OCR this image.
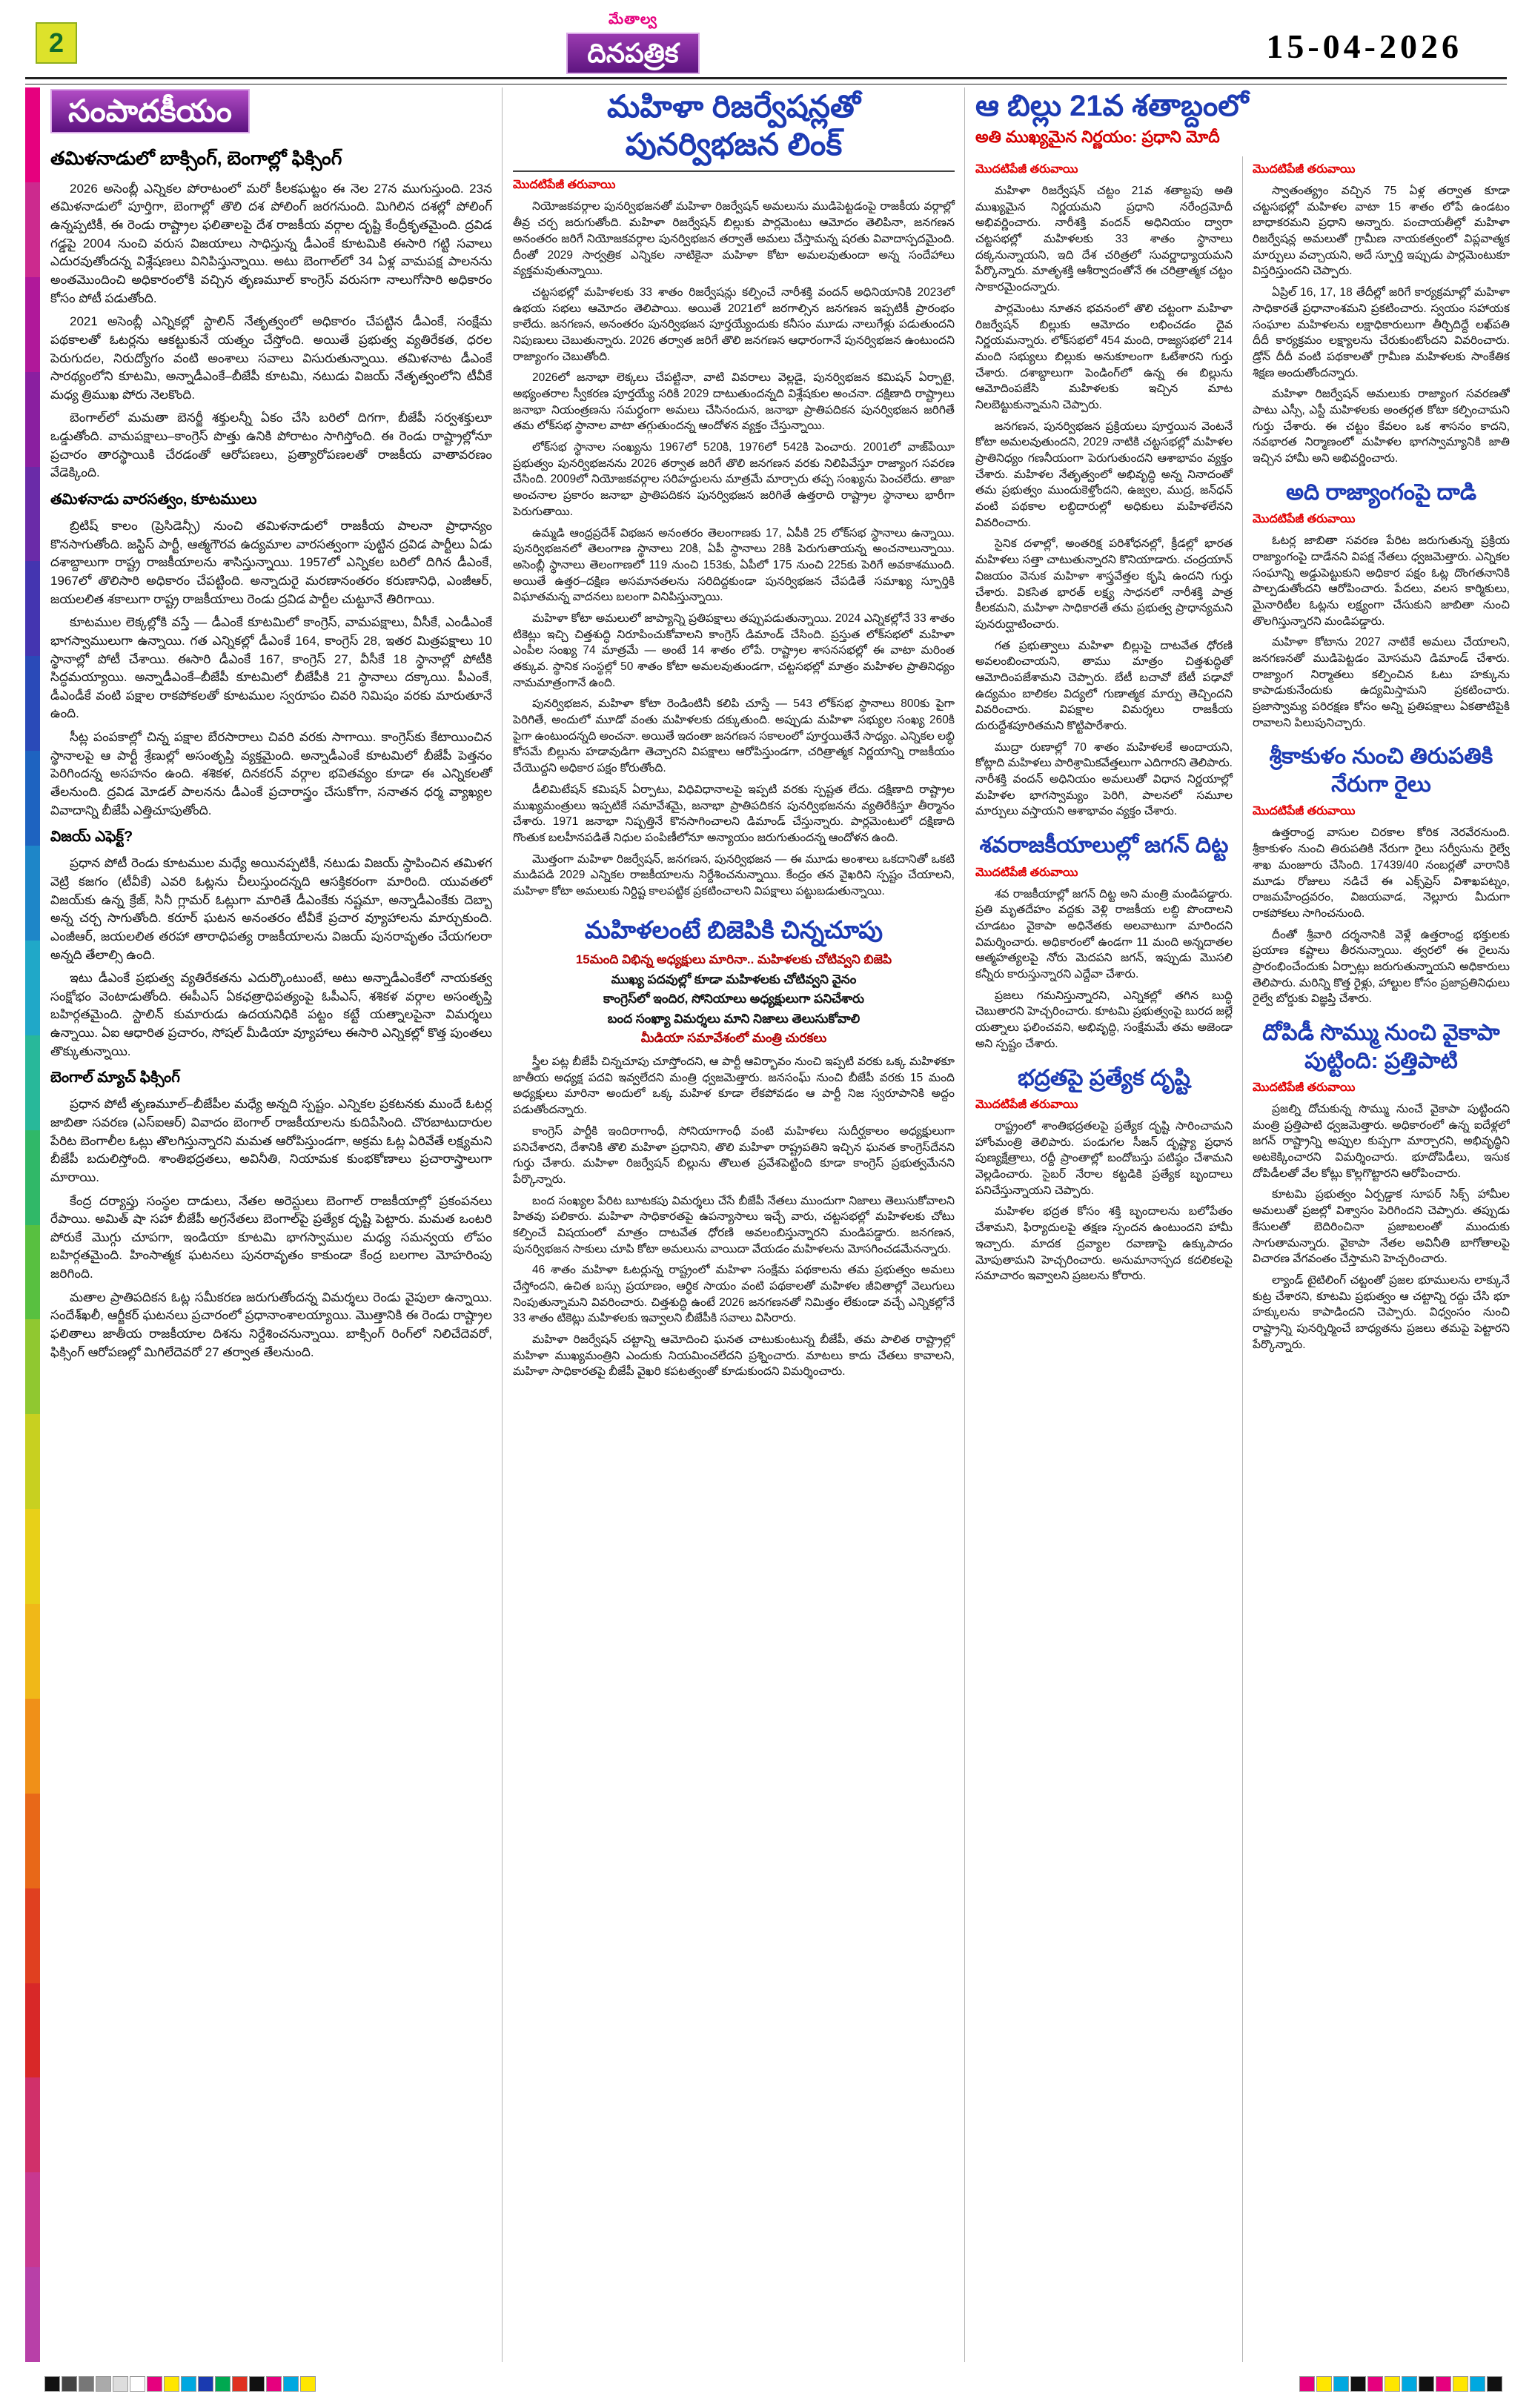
2
మేతాల్వ
దినపత్రిక	15-04-2026
సంపాదకీయం
తమిళనాడులో బాక్సింగ్, బెంగాల్లో ఫిక్సింగ్

2026 అసెంబ్లీ ఎన్నికల పోరాటంలో మరో కీలకఘట్టం ఈ నెల 27న ముగుస్తుంది. 23న తమిళనాడులో పూర్తిగా, బెంగాల్లో తొలి దశ పోలింగ్ జరగనుంది. మిగిలిన దశల్లో పోలింగ్ ఉన్నప్పటికీ, ఈ రెండు రాష్ట్రాల ఫలితాలపై దేశ రాజకీయ వర్గాల దృష్టి కేంద్రీకృతమైంది. ద్రవిడ గడ్డపై 2004 నుంచి వరుస విజయాలు సాధిస్తున్న డీఎంకే కూటమికి ఈసారి గట్టి సవాలు ఎదురవుతోందన్న విశ్లేషణలు వినిపిస్తున్నాయి. అటు బెంగాల్‌లో 34 ఏళ్ల వామపక్ష పాలనను అంతమొందించి అధికారంలోకి వచ్చిన తృణమూల్ కాంగ్రెస్ వరుసగా నాలుగోసారి అధికారం కోసం పోటీ పడుతోంది.

2021 అసెంబ్లీ ఎన్నికల్లో స్టాలిన్ నేతృత్వంలో అధికారం చేపట్టిన డీఎంకే, సంక్షేమ పథకాలతో ఓటర్లను ఆకట్టుకునే యత్నం చేస్తోంది. అయితే ప్రభుత్వ వ్యతిరేకత, ధరల పెరుగుదల, నిరుద్యోగం వంటి అంశాలు సవాలు విసురుతున్నాయి. తమిళనాట డీఎంకే సారథ్యంలోని కూటమి, అన్నాడీఎంకే–బీజేపీ కూటమి, నటుడు విజయ్ నేతృత్వంలోని టీవీకే మధ్య త్రిముఖ పోరు నెలకొంది.

బెంగాల్‌లో మమతా బెనర్జీ శక్తులన్నీ ఏకం చేసి బరిలో దిగగా, బీజేపీ సర్వశక్తులూ ఒడ్డుతోంది. వామపక్షాలు–కాంగ్రెస్ పొత్తు ఉనికి పోరాటం సాగిస్తోంది. ఈ రెండు రాష్ట్రాల్లోనూ ప్రచారం తారస్థాయికి చేరడంతో ఆరోపణలు, ప్రత్యారోపణలతో రాజకీయ వాతావరణం వేడెక్కింది.

తమిళనాడు వారసత్వం, కూటములు

బ్రిటిష్ కాలం (ప్రెసిడెన్సీ) నుంచి తమిళనాడులో రాజకీయ పాలనా ప్రాధాన్యం కొనసాగుతోంది. జస్టిస్ పార్టీ, ఆత్మగౌరవ ఉద్యమాల వారసత్వంగా పుట్టిన ద్రవిడ పార్టీలు ఏడు దశాబ్దాలుగా రాష్ట్ర రాజకీయాలను శాసిస్తున్నాయి. 1957లో ఎన్నికల బరిలో దిగిన డీఎంకే, 1967లో తొలిసారి అధికారం చేపట్టింది. అన్నాదురై మరణానంతరం కరుణానిధి, ఎంజీఆర్, జయలలిత శకాలుగా రాష్ట్ర రాజకీయాలు రెండు ద్రవిడ పార్టీల చుట్టూనే తిరిగాయి.

కూటముల లెక్కల్లోకి వస్తే — డీఎంకే కూటమిలో కాంగ్రెస్, వామపక్షాలు, వీసీకే, ఎండీఎంకే భాగస్వాములుగా ఉన్నాయి. గత ఎన్నికల్లో డీఎంకే 164, కాంగ్రెస్ 28, ఇతర మిత్రపక్షాలు 10 స్థానాల్లో పోటీ చేశాయి. ఈసారి డీఎంకే 167, కాంగ్రెస్ 27, వీసీకే 18 స్థానాల్లో పోటీకి సిద్ధమయ్యాయి. అన్నాడీఎంకే–బీజేపీ కూటమిలో బీజేపీకి 21 స్థానాలు దక్కాయి. పీఎంకే, డీఎండీకే వంటి పక్షాల రాకపోకలతో కూటముల స్వరూపం చివరి నిమిషం వరకు మారుతూనే ఉంది.

సీట్ల పంపకాల్లో చిన్న పక్షాల బేరసారాలు చివరి వరకు సాగాయి. కాంగ్రెస్‌కు కేటాయించిన స్థానాలపై ఆ పార్టీ శ్రేణుల్లో అసంతృప్తి వ్యక్తమైంది. అన్నాడీఎంకే కూటమిలో బీజేపీ పెత్తనం పెరిగిందన్న అసహనం ఉంది. శశికళ, దినకరన్ వర్గాల భవితవ్యం కూడా ఈ ఎన్నికలతో తేలనుంది. ద్రవిడ మోడల్ పాలనను డీఎంకే ప్రచారాస్త్రం చేసుకోగా, సనాతన ధర్మ వ్యాఖ్యల వివాదాన్ని బీజేపీ ఎత్తిచూపుతోంది.

విజయ్ ఎఫెక్ట్?

ప్రధాన పోటీ రెండు కూటముల మధ్యే అయినప్పటికీ, నటుడు విజయ్ స్థాపించిన తమిళగ వెట్రి కజగం (టీవీకే) ఎవరి ఓట్లను చీలుస్తుందన్నది ఆసక్తికరంగా మారింది. యువతలో విజయ్‌కు ఉన్న క్రేజ్, సినీ గ్లామర్ ఓట్లుగా మారితే డీఎంకేకు నష్టమా, అన్నాడీఎంకేకు దెబ్బా అన్న చర్చ సాగుతోంది. కరూర్ ఘటన అనంతరం టీవీకే ప్రచార వ్యూహాలను మార్చుకుంది. ఎంజీఆర్, జయలలిత తరహా తారాధిపత్య రాజకీయాలను విజయ్ పునరావృతం చేయగలరా అన్నది తేలాల్సి ఉంది.

ఇటు డీఎంకే ప్రభుత్వ వ్యతిరేకతను ఎదుర్కొంటుంటే, అటు అన్నాడీఎంకేలో నాయకత్వ సంక్షోభం వెంటాడుతోంది. ఈపీఎస్ ఏకఛత్రాధిపత్యంపై ఓపీఎస్, శశికళ వర్గాల అసంతృప్తి బహిర్గతమైంది. స్టాలిన్ కుమారుడు ఉదయనిధికి పట్టం కట్టే యత్నాలపైనా విమర్శలు ఉన్నాయి. ఏఐ ఆధారిత ప్రచారం, సోషల్ మీడియా వ్యూహాలు ఈసారి ఎన్నికల్లో కొత్త పుంతలు తొక్కుతున్నాయి.

బెంగాల్ మ్యాచ్ ఫిక్సింగ్

ప్రధాన పోటీ తృణమూల్–బీజేపీల మధ్యే అన్నది స్పష్టం. ఎన్నికల ప్రకటనకు ముందే ఓటర్ల జాబితా సవరణ (ఎస్ఐఆర్) వివాదం బెంగాల్ రాజకీయాలను కుదిపేసింది. చొరబాటుదారుల పేరిట బెంగాలీల ఓట్లు తొలగిస్తున్నారని మమత ఆరోపిస్తుండగా, అక్రమ ఓట్ల ఏరివేతే లక్ష్యమని బీజేపీ బదులిస్తోంది. శాంతిభద్రతలు, అవినీతి, నియామక కుంభకోణాలు ప్రచారాస్త్రాలుగా మారాయి.

కేంద్ర దర్యాప్తు సంస్థల దాడులు, నేతల అరెస్టులు బెంగాల్ రాజకీయాల్లో ప్రకంపనలు రేపాయి. అమిత్ షా సహా బీజేపీ అగ్రనేతలు బెంగాల్‌పై ప్రత్యేక దృష్టి పెట్టారు. మమత ఒంటరి పోరుకే మొగ్గు చూపగా, ఇండియా కూటమి భాగస్వాముల మధ్య సమన్వయ లోపం బహిర్గతమైంది. హింసాత్మక ఘటనలు పునరావృతం కాకుండా కేంద్ర బలగాల మోహరింపు జరిగింది.

మతాల ప్రాతిపదికన ఓట్ల సమీకరణ జరుగుతోందన్న విమర్శలు రెండు వైపులా ఉన్నాయి. సందేశ్‌ఖలీ, ఆర్జీకర్ ఘటనలు ప్రచారంలో ప్రధానాంశాలయ్యాయి. మొత్తానికి ఈ రెండు రాష్ట్రాల ఫలితాలు జాతీయ రాజకీయాల దిశను నిర్దేశించనున్నాయి. బాక్సింగ్ రింగ్‌లో నిలిచేదెవరో, ఫిక్సింగ్ ఆరోపణల్లో మిగిలేదెవరో 27 తర్వాత తేలనుంది.

మహిళా రిజర్వేషన్లతో
పునర్విభజన లింక్
మొదటిపేజీ తరువాయి

నియోజకవర్గాల పునర్విభజనతో మహిళా రిజర్వేషన్ అమలును ముడిపెట్టడంపై రాజకీయ వర్గాల్లో తీవ్ర చర్చ జరుగుతోంది. మహిళా రిజర్వేషన్ బిల్లుకు పార్లమెంటు ఆమోదం తెలిపినా, జనగణన అనంతరం జరిగే నియోజకవర్గాల పునర్విభజన తర్వాతే అమలు చేస్తామన్న షరతు వివాదాస్పదమైంది. దీంతో 2029 సార్వత్రిక ఎన్నికల నాటికైనా మహిళా కోటా అమలవుతుందా అన్న సందేహాలు వ్యక్తమవుతున్నాయి.

చట్టసభల్లో మహిళలకు 33 శాతం రిజర్వేషన్లు కల్పించే నారీశక్తి వందన్ అధినియానికి 2023లో ఉభయ సభలు ఆమోదం తెలిపాయి. అయితే 2021లో జరగాల్సిన జనగణన ఇప్పటికీ ప్రారంభం కాలేదు. జనగణన, అనంతరం పునర్విభజన పూర్తయ్యేందుకు కనీసం మూడు నాలుగేళ్లు పడుతుందని నిపుణులు చెబుతున్నారు. 2026 తర్వాత జరిగే తొలి జనగణన ఆధారంగానే పునర్విభజన ఉంటుందని రాజ్యాంగం చెబుతోంది.

2026లో జనాభా లెక్కలు చేపట్టినా, వాటి వివరాలు వెల్లడై, పునర్విభజన కమిషన్ ఏర్పాటై, అభ్యంతరాల స్వీకరణ పూర్తయ్యే సరికి 2029 దాటుతుందన్నది విశ్లేషకుల అంచనా. దక్షిణాది రాష్ట్రాలు జనాభా నియంత్రణను సమర్థంగా అమలు చేసినందున, జనాభా ప్రాతిపదికన పునర్విభజన జరిగితే తమ లోక్‌సభ స్థానాల వాటా తగ్గుతుందన్న ఆందోళన వ్యక్తం చేస్తున్నాయి.

లోక్‌సభ స్థానాల సంఖ్యను 1967లో 520కి, 1976లో 542కి పెంచారు. 2001లో వాజ్‌పేయీ ప్రభుత్వం పునర్విభజనను 2026 తర్వాత జరిగే తొలి జనగణన వరకు నిలిపివేస్తూ రాజ్యాంగ సవరణ చేసింది. 2009లో నియోజకవర్గాల సరిహద్దులను మాత్రమే మార్చారు తప్ప సంఖ్యను పెంచలేదు. తాజా అంచనాల ప్రకారం జనాభా ప్రాతిపదికన పునర్విభజన జరిగితే ఉత్తరాది రాష్ట్రాల స్థానాలు భారీగా పెరుగుతాయి.

ఉమ్మడి ఆంధ్రప్రదేశ్ విభజన అనంతరం తెలంగాణకు 17, ఏపీకి 25 లోక్‌సభ స్థానాలు ఉన్నాయి. పునర్విభజనలో తెలంగాణ స్థానాలు 20కి, ఏపీ స్థానాలు 28కి పెరుగుతాయన్న అంచనాలున్నాయి. అసెంబ్లీ స్థానాలు తెలంగాణలో 119 నుంచి 153కు, ఏపీలో 175 నుంచి 225కు పెరిగే అవకాశముంది. అయితే ఉత్తర–దక్షిణ అసమానతలను సరిదిద్దకుండా పునర్విభజన చేపడితే సమాఖ్య స్ఫూర్తికి విఘాతమన్న వాదనలు బలంగా వినిపిస్తున్నాయి.

మహిళా కోటా అమలులో జాప్యాన్ని ప్రతిపక్షాలు తప్పుపడుతున్నాయి. 2024 ఎన్నికల్లోనే 33 శాతం టికెట్లు ఇచ్చి చిత్తశుద్ధి నిరూపించుకోవాలని కాంగ్రెస్ డిమాండ్ చేసింది. ప్రస్తుత లోక్‌సభలో మహిళా ఎంపీల సంఖ్య 74 మాత్రమే — అంటే 14 శాతం లోపే. రాష్ట్రాల శాసనసభల్లో ఈ వాటా మరింత తక్కువ. స్థానిక సంస్థల్లో 50 శాతం కోటా అమలవుతుండగా, చట్టసభల్లో మాత్రం మహిళల ప్రాతినిధ్యం నామమాత్రంగానే ఉంది.

పునర్విభజన, మహిళా కోటా రెండింటినీ కలిపి చూస్తే — 543 లోక్‌సభ స్థానాలు 800కు పైగా పెరిగితే, అందులో మూడో వంతు మహిళలకు దక్కుతుంది. అప్పుడు మహిళా సభ్యుల సంఖ్య 260కి పైగా ఉంటుందన్నది అంచనా. అయితే ఇదంతా జనగణన సకాలంలో పూర్తయితేనే సాధ్యం. ఎన్నికల లబ్ధి కోసమే బిల్లును హడావుడిగా తెచ్చారని విపక్షాలు ఆరోపిస్తుండగా, చరిత్రాత్మక నిర్ణయాన్ని రాజకీయం చేయొద్దని అధికార పక్షం కోరుతోంది.

డీలిమిటేషన్ కమిషన్ ఏర్పాటు, విధివిధానాలపై ఇప్పటి వరకు స్పష్టత లేదు. దక్షిణాది రాష్ట్రాల ముఖ్యమంత్రులు ఇప్పటికే సమావేశమై, జనాభా ప్రాతిపదికన పునర్విభజనను వ్యతిరేకిస్తూ తీర్మానం చేశారు. 1971 జనాభా నిష్పత్తినే కొనసాగించాలని డిమాండ్ చేస్తున్నారు. పార్లమెంటులో దక్షిణాది గొంతుక బలహీనపడితే నిధుల పంపిణీలోనూ అన్యాయం జరుగుతుందన్న ఆందోళన ఉంది.

మొత్తంగా మహిళా రిజర్వేషన్, జనగణన, పునర్విభజన — ఈ మూడు అంశాలు ఒకదానితో ఒకటి ముడిపడి 2029 ఎన్నికల రాజకీయాలను నిర్దేశించనున్నాయి. కేంద్రం తన వైఖరిని స్పష్టం చేయాలని, మహిళా కోటా అమలుకు నిర్దిష్ట కాలపట్టిక ప్రకటించాలని విపక్షాలు పట్టుబడుతున్నాయి.

మహిళలంటే బిజెపికి చిన్నచూపు

15మంది విభిన్న అధ్యక్షులు మారినా.. మహిళలకు చోటివ్వని బిజెపి

ముఖ్య పదవుల్లో కూడా మహిళలకు చోటివ్వని వైనం

కాంగ్రెస్‌లో ఇందిర, సోనియాలు అధ్యక్షులుగా పనిచేశారు

బంద సంఖ్యా విమర్శలు మాని నిజాలు తెలుసుకోవాలి

మీడియా సమావేశంలో మంత్రి చురకలు

స్త్రీల పట్ల బీజేపీ చిన్నచూపు చూస్తోందని, ఆ పార్టీ ఆవిర్భావం నుంచి ఇప్పటి వరకు ఒక్క మహిళకూ జాతీయ అధ్యక్ష పదవి ఇవ్వలేదని మంత్రి ధ్వజమెత్తారు. జనసంఘ్ నుంచి బీజేపీ వరకు 15 మంది అధ్యక్షులు మారినా అందులో ఒక్క మహిళ కూడా లేకపోవడం ఆ పార్టీ నిజ స్వరూపానికి అద్దం పడుతోందన్నారు.

కాంగ్రెస్ పార్టీకి ఇందిరాగాంధీ, సోనియాగాంధీ వంటి మహిళలు సుదీర్ఘకాలం అధ్యక్షులుగా పనిచేశారని, దేశానికి తొలి మహిళా ప్రధానిని, తొలి మహిళా రాష్ట్రపతిని ఇచ్చిన ఘనత కాంగ్రెస్‌దేనని గుర్తు చేశారు. మహిళా రిజర్వేషన్ బిల్లును తొలుత ప్రవేశపెట్టింది కూడా కాంగ్రెస్ ప్రభుత్వమేనని పేర్కొన్నారు.

బంద సంఖ్యల పేరిట బూటకపు విమర్శలు చేసే బీజేపీ నేతలు ముందుగా నిజాలు తెలుసుకోవాలని హితవు పలికారు. మహిళా సాధికారతపై ఉపన్యాసాలు ఇచ్చే వారు, చట్టసభల్లో మహిళలకు చోటు కల్పించే విషయంలో మాత్రం దాటవేత ధోరణి అవలంబిస్తున్నారని మండిపడ్డారు. జనగణన, పునర్విభజన సాకులు చూపి కోటా అమలును వాయిదా వేయడం మహిళలను మోసగించడమేనన్నారు.

46 శాతం మహిళా ఓటర్లున్న రాష్ట్రంలో మహిళా సంక్షేమ పథకాలను తమ ప్రభుత్వం అమలు చేస్తోందని, ఉచిత బస్సు ప్రయాణం, ఆర్థిక సాయం వంటి పథకాలతో మహిళల జీవితాల్లో వెలుగులు నింపుతున్నామని వివరించారు. చిత్తశుద్ధి ఉంటే 2026 జనగణనతో నిమిత్తం లేకుండా వచ్చే ఎన్నికల్లోనే 33 శాతం టికెట్లు మహిళలకు ఇవ్వాలని బీజేపీకి సవాలు విసిరారు.

మహిళా రిజర్వేషన్ చట్టాన్ని ఆమోదించి ఘనత చాటుకుంటున్న బీజేపీ, తమ పాలిత రాష్ట్రాల్లో మహిళా ముఖ్యమంత్రిని ఎందుకు నియమించలేదని ప్రశ్నించారు. మాటలు కాదు చేతలు కావాలని, మహిళా సాధికారతపై బీజేపీ వైఖరి కపటత్వంతో కూడుకుందని విమర్శించారు.

ఆ బిల్లు 21వ శతాబ్దంలో
అతి ముఖ్యమైన నిర్ణయం: ప్రధాని మోదీ
మొదటిపేజీ తరువాయి

మహిళా రిజర్వేషన్ చట్టం 21వ శతాబ్దపు అతి ముఖ్యమైన నిర్ణయమని ప్రధాని నరేంద్రమోదీ అభివర్ణించారు. నారీశక్తి వందన్ అధినియం ద్వారా చట్టసభల్లో మహిళలకు 33 శాతం స్థానాలు దక్కనున్నాయని, ఇది దేశ చరిత్రలో సువర్ణాధ్యాయమని పేర్కొన్నారు. మాతృశక్తి ఆశీర్వాదంతోనే ఈ చరిత్రాత్మక చట్టం సాకారమైందన్నారు.

పార్లమెంటు నూతన భవనంలో తొలి చట్టంగా మహిళా రిజర్వేషన్ బిల్లుకు ఆమోదం లభించడం దైవ నిర్ణయమన్నారు. లోక్‌సభలో 454 మంది, రాజ్యసభలో 214 మంది సభ్యులు బిల్లుకు అనుకూలంగా ఓటేశారని గుర్తు చేశారు. దశాబ్దాలుగా పెండింగ్‌లో ఉన్న ఈ బిల్లును ఆమోదింపజేసి మహిళలకు ఇచ్చిన మాట నిలబెట్టుకున్నామని చెప్పారు.

జనగణన, పునర్విభజన ప్రక్రియలు పూర్తయిన వెంటనే కోటా అమలవుతుందని, 2029 నాటికి చట్టసభల్లో మహిళల ప్రాతినిధ్యం గణనీయంగా పెరుగుతుందని ఆశాభావం వ్యక్తం చేశారు. మహిళల నేతృత్వంలో అభివృద్ధి అన్న నినాదంతో తమ ప్రభుత్వం ముందుకెళ్తోందని, ఉజ్వల, ముద్ర, జన్‌ధన్ వంటి పథకాల లబ్ధిదారుల్లో అధికులు మహిళలేనని వివరించారు.

సైనిక దళాల్లో, అంతరిక్ష పరిశోధనల్లో, క్రీడల్లో భారత మహిళలు సత్తా చాటుతున్నారని కొనియాడారు. చంద్రయాన్ విజయం వెనుక మహిళా శాస్త్రవేత్తల కృషి ఉందని గుర్తు చేశారు. వికసిత భారత్ లక్ష్య సాధనలో నారీశక్తి పాత్ర కీలకమని, మహిళా సాధికారతే తమ ప్రభుత్వ ప్రాధాన్యమని పునరుద్ఘాటించారు.

గత ప్రభుత్వాలు మహిళా బిల్లుపై దాటవేత ధోరణి అవలంబించాయని, తాము మాత్రం చిత్తశుద్ధితో ఆమోదింపజేశామని చెప్పారు. బేటీ బచావో బేటీ పఢావో ఉద్యమం బాలికల విద్యలో గుణాత్మక మార్పు తెచ్చిందని వివరించారు. విపక్షాల విమర్శలు రాజకీయ దురుద్దేశపూరితమని కొట్టిపారేశారు.

ముద్రా రుణాల్లో 70 శాతం మహిళలకే అందాయని, కోట్లాది మహిళలు పారిశ్రామికవేత్తలుగా ఎదిగారని తెలిపారు. నారీశక్తి వందన్ అధినియం అమలుతో విధాన నిర్ణయాల్లో మహిళల భాగస్వామ్యం పెరిగి, పాలనలో సమూల మార్పులు వస్తాయని ఆశాభావం వ్యక్తం చేశారు.

శవరాజకీయాలుల్లో జగన్ దిట్ట
మొదటిపేజీ తరువాయి

శవ రాజకీయాల్లో జగన్ దిట్ట అని మంత్రి మండిపడ్డారు. ప్రతి మృతదేహం వద్దకు వెళ్లి రాజకీయ లబ్ధి పొందాలని చూడటం వైకాపా అధినేతకు అలవాటుగా మారిందని విమర్శించారు. అధికారంలో ఉండగా 11 మంది అన్నదాతల ఆత్మహత్యలపై నోరు మెదపని జగన్, ఇప్పుడు మొసలి కన్నీరు కారుస్తున్నారని ఎద్దేవా చేశారు.

ప్రజలు గమనిస్తున్నారని, ఎన్నికల్లో తగిన బుద్ధి చెబుతారని హెచ్చరించారు. కూటమి ప్రభుత్వంపై బురద జల్లే యత్నాలు ఫలించవని, అభివృద్ధి, సంక్షేమమే తమ అజెండా అని స్పష్టం చేశారు.

భద్రతపై ప్రత్యేక దృష్టి
మొదటిపేజీ తరువాయి

రాష్ట్రంలో శాంతిభద్రతలపై ప్రత్యేక దృష్టి సారించామని హోంమంత్రి తెలిపారు. పండుగల సీజన్ దృష్ట్యా ప్రధాన పుణ్యక్షేత్రాలు, రద్దీ ప్రాంతాల్లో బందోబస్తు పటిష్ఠం చేశామని వెల్లడించారు. సైబర్ నేరాల కట్టడికి ప్రత్యేక బృందాలు పనిచేస్తున్నాయని చెప్పారు.

మహిళల భద్రత కోసం శక్తి బృందాలను బలోపేతం చేశామని, ఫిర్యాదులపై తక్షణ స్పందన ఉంటుందని హామీ ఇచ్చారు. మాదక ద్రవ్యాల రవాణాపై ఉక్కుపాదం మోపుతామని హెచ్చరించారు. అనుమానాస్పద కదలికలపై సమాచారం ఇవ్వాలని ప్రజలను కోరారు.

మొదటిపేజీ తరువాయి

స్వాతంత్య్రం వచ్చిన 75 ఏళ్ల తర్వాత కూడా చట్టసభల్లో మహిళల వాటా 15 శాతం లోపే ఉండటం బాధాకరమని ప్రధాని అన్నారు. పంచాయతీల్లో మహిళా రిజర్వేషన్ల అమలుతో గ్రామీణ నాయకత్వంలో విప్లవాత్మక మార్పులు వచ్చాయని, అదే స్ఫూర్తి ఇప్పుడు పార్లమెంటుకూ విస్తరిస్తుందని చెప్పారు.

ఏప్రిల్ 16, 17, 18 తేదీల్లో జరిగే కార్యక్రమాల్లో మహిళా సాధికారతే ప్రధానాంశమని ప్రకటించారు. స్వయం సహాయక సంఘాల మహిళలను లక్షాధికారులుగా తీర్చిదిద్దే లఖ్‌పతి దీదీ కార్యక్రమం లక్ష్యాలను చేరుకుంటోందని వివరించారు. డ్రోన్ దీదీ వంటి పథకాలతో గ్రామీణ మహిళలకు సాంకేతిక శిక్షణ అందుతోందన్నారు.

మహిళా రిజర్వేషన్ అమలుకు రాజ్యాంగ సవరణతో పాటు ఎస్సీ, ఎస్టీ మహిళలకు అంతర్గత కోటా కల్పించామని గుర్తు చేశారు. ఈ చట్టం కేవలం ఒక శాసనం కాదని, నవభారత నిర్మాణంలో మహిళల భాగస్వామ్యానికి జాతి ఇచ్చిన హామీ అని అభివర్ణించారు.

అది రాజ్యాంగంపై దాడి
మొదటిపేజీ తరువాయి

ఓటర్ల జాబితా సవరణ పేరిట జరుగుతున్న ప్రక్రియ రాజ్యాంగంపై దాడేనని విపక్ష నేతలు ధ్వజమెత్తారు. ఎన్నికల సంఘాన్ని అడ్డుపెట్టుకుని అధికార పక్షం ఓట్ల దొంగతనానికి పాల్పడుతోందని ఆరోపించారు. పేదలు, వలస కార్మికులు, మైనారిటీల ఓట్లను లక్ష్యంగా చేసుకుని జాబితా నుంచి తొలగిస్తున్నారని మండిపడ్డారు.

మహిళా కోటాను 2027 నాటికే అమలు చేయాలని, జనగణనతో ముడిపెట్టడం మోసమని డిమాండ్ చేశారు. రాజ్యాంగ నిర్మాతలు కల్పించిన ఓటు హక్కును కాపాడుకునేందుకు ఉద్యమిస్తామని ప్రకటించారు. ప్రజాస్వామ్య పరిరక్షణ కోసం అన్ని ప్రతిపక్షాలు ఏకతాటిపైకి రావాలని పిలుపునిచ్చారు.

శ్రీకాకుళం నుంచి తిరుపతికి నేరుగా రైలు
మొదటిపేజీ తరువాయి

ఉత్తరాంధ్ర వాసుల చిరకాల కోరిక నెరవేరనుంది. శ్రీకాకుళం నుంచి తిరుపతికి నేరుగా రైలు సర్వీసును రైల్వే శాఖ మంజూరు చేసింది. 17439/40 నంబర్లతో వారానికి మూడు రోజులు నడిచే ఈ ఎక్స్‌ప్రెస్ విశాఖపట్నం, రాజమహేంద్రవరం, విజయవాడ, నెల్లూరు మీదుగా రాకపోకలు సాగించనుంది.

దీంతో శ్రీవారి దర్శనానికి వెళ్లే ఉత్తరాంధ్ర భక్తులకు ప్రయాణ కష్టాలు తీరనున్నాయి. త్వరలో ఈ రైలును ప్రారంభించేందుకు ఏర్పాట్లు జరుగుతున్నాయని అధికారులు తెలిపారు. మరిన్ని కొత్త రైళ్లు, హాల్టుల కోసం ప్రజాప్రతినిధులు రైల్వే బోర్డుకు విజ్ఞప్తి చేశారు.

దోపిడీ సొమ్ము నుంచి వైకాపా
పుట్టింది: ప్రత్తిపాటి
మొదటిపేజీ తరువాయి

ప్రజల్ని దోచుకున్న సొమ్ము నుంచే వైకాపా పుట్టిందని మంత్రి ప్రత్తిపాటి ధ్వజమెత్తారు. అధికారంలో ఉన్న ఐదేళ్లలో జగన్ రాష్ట్రాన్ని అప్పుల కుప్పగా మార్చారని, అభివృద్ధిని అటకెక్కించారని విమర్శించారు. భూదోపిడీలు, ఇసుక దోపిడీలతో వేల కోట్లు కొల్లగొట్టారని ఆరోపించారు.

కూటమి ప్రభుత్వం ఏర్పడ్డాక సూపర్ సిక్స్ హామీల అమలుతో ప్రజల్లో విశ్వాసం పెరిగిందని చెప్పారు. తప్పుడు కేసులతో బెదిరించినా ప్రజాబలంతో ముందుకు సాగుతామన్నారు. వైకాపా నేతల అవినీతి బాగోతాలపై విచారణ వేగవంతం చేస్తామని హెచ్చరించారు.

ల్యాండ్ టైటిలింగ్ చట్టంతో ప్రజల భూములను లాక్కునే కుట్ర చేశారని, కూటమి ప్రభుత్వం ఆ చట్టాన్ని రద్దు చేసి భూ హక్కులను కాపాడిందని చెప్పారు. విధ్వంసం నుంచి రాష్ట్రాన్ని పునర్నిర్మించే బాధ్యతను ప్రజలు తమపై పెట్టారని పేర్కొన్నారు.
